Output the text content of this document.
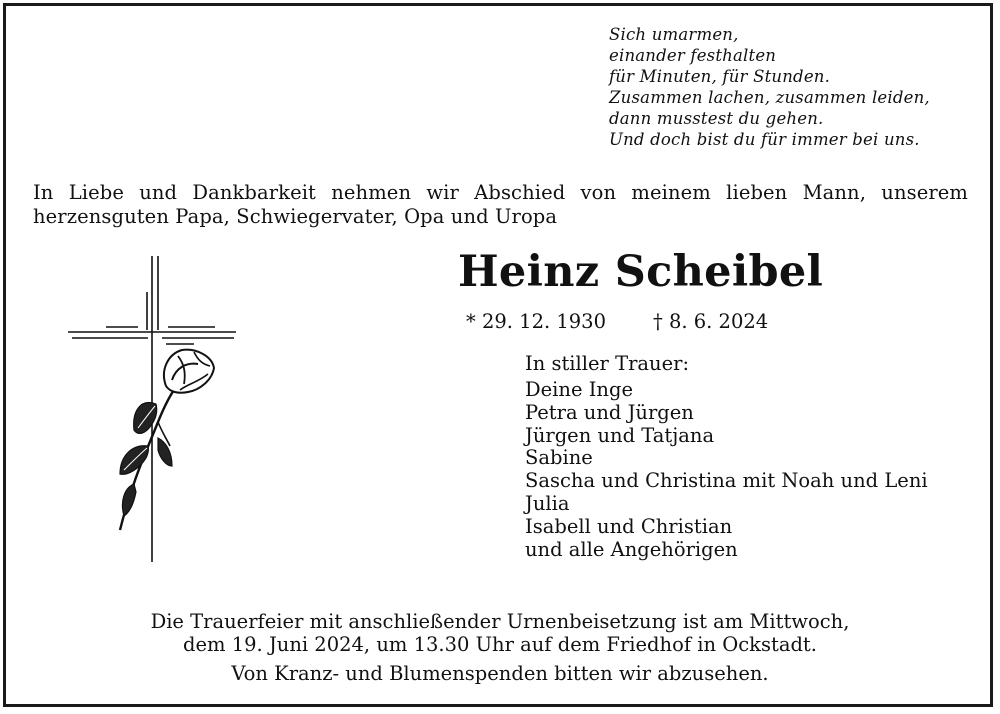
Sich umarmen,
einander festhalten
für Minuten, für Stunden.
Zusammen lachen, zusammen leiden,
dann musstest du gehen.
Und doch bist du für immer bei uns.
In Liebe und Dankbarkeit nehmen wir Abschied von meinem lieben Mann, unserem herzensguten Papa, Schwiegervater, Opa und Uropa
Heinz Scheibel
* 29. 12. 1930 † 8. 6. 2024
In stiller Trauer:
Deine Inge
Petra und Jürgen
Jürgen und Tatjana
Sabine
Sascha und Christina mit Noah und Leni
Julia
Isabell und Christian
und alle Angehörigen
Die Trauerfeier mit anschließender Urnenbeisetzung ist am Mittwoch,
dem 19. Juni 2024, um 13.30 Uhr auf dem Friedhof in Ockstadt.
Von Kranz- und Blumenspenden bitten wir abzusehen.
